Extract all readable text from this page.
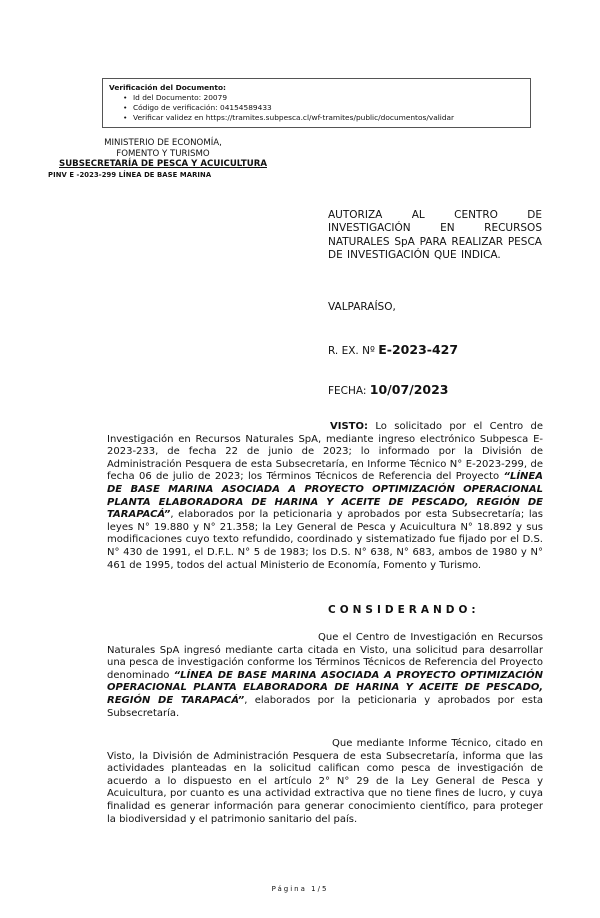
Verificación del Documento:
• Id del Documento: 20079
• Código de verificación: 04154589433
• Verificar validez en https://tramites.subpesca.cl/wf-tramites/public/documentos/validar
MINISTERIO DE ECONOMÍA,
FOMENTO Y TURISMO
SUBSECRETARÍA DE PESCA Y ACUICULTURA
PINV E -2023-299 LÍNEA DE BASE MARINA
AUTORIZA AL CENTRO DE INVESTIGACIÓN EN RECURSOS NATURALES SpA PARA REALIZAR PESCA DE INVESTIGACIÓN QUE INDICA.
VALPARAÍSO,
R. EX. Nº E-2023-427
FECHA: 10/07/2023
VISTO: Lo solicitado por el Centro de Investigación en Recursos Naturales SpA, mediante ingreso electrónico Subpesca E-2023-233, de fecha 22 de junio de 2023; lo informado por la División de Administración Pesquera de esta Subsecretaría, en Informe Técnico N° E-2023-299, de fecha 06 de julio de 2023; los Términos Técnicos de Referencia del Proyecto “LÍNEA DE BASE MARINA ASOCIADA A PROYECTO OPTIMIZACIÓN OPERACIONAL PLANTA ELABORADORA DE HARINA Y ACEITE DE PESCADO, REGIÓN DE TARAPACÁ”, elaborados por la peticionaria y aprobados por esta Subsecretaría; las leyes N° 19.880 y N° 21.358; la Ley General de Pesca y Acuicultura N° 18.892 y sus modificaciones cuyo texto refundido, coordinado y sistematizado fue fijado por el D.S. N° 430 de 1991, el D.F.L. N° 5 de 1983; los D.S. N° 638, N° 683, ambos de 1980 y N° 461 de 1995, todos del actual Ministerio de Economía, Fomento y Turismo.
CONSIDERANDO:
Que el Centro de Investigación en Recursos Naturales SpA ingresó mediante carta citada en Visto, una solicitud para desarrollar una pesca de investigación conforme los Términos Técnicos de Referencia del Proyecto denominado “LÍNEA DE BASE MARINA ASOCIADA A PROYECTO OPTIMIZACIÓN OPERACIONAL PLANTA ELABORADORA DE HARINA Y ACEITE DE PESCADO, REGIÓN DE TARAPACÁ”, elaborados por la peticionaria y aprobados por esta Subsecretaría.
Que mediante Informe Técnico, citado en Visto, la División de Administración Pesquera de esta Subsecretaría, informa que las actividades planteadas en la solicitud califican como pesca de investigación de acuerdo a lo dispuesto en el artículo 2° N° 29 de la Ley General de Pesca y Acuicultura, por cuanto es una actividad extractiva que no tiene fines de lucro, y cuya finalidad es generar información para generar conocimiento científico, para proteger la biodiversidad y el patrimonio sanitario del país.
Página 1/5
